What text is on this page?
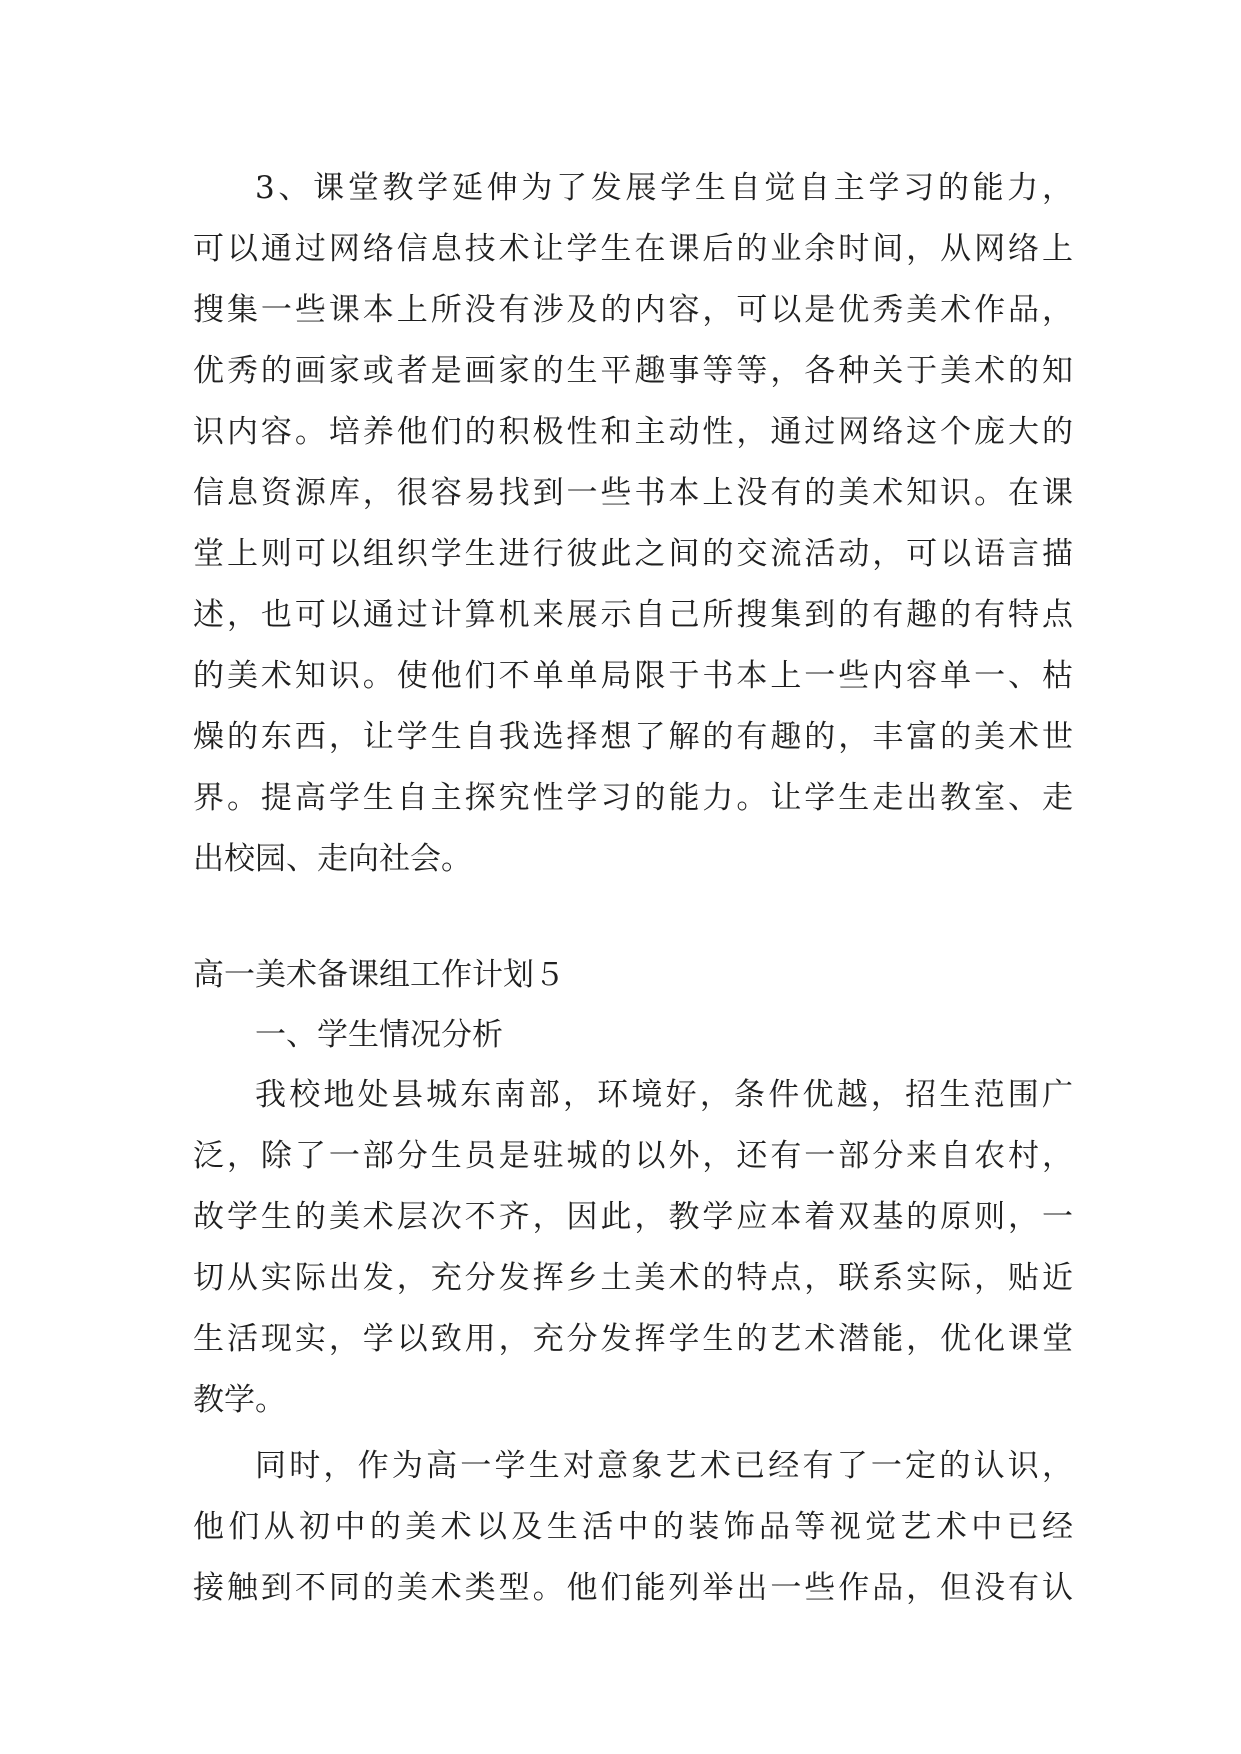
3、课堂教学延伸为了发展学生自觉自主学习的能力，
可以通过网络信息技术让学生在课后的业余时间，从网络上
搜集一些课本上所没有涉及的内容，可以是优秀美术作品，
优秀的画家或者是画家的生平趣事等等，各种关于美术的知
识内容。培养他们的积极性和主动性，通过网络这个庞大的
信息资源库，很容易找到一些书本上没有的美术知识。在课
堂上则可以组织学生进行彼此之间的交流活动，可以语言描
述，也可以通过计算机来展示自己所搜集到的有趣的有特点
的美术知识。使他们不单单局限于书本上一些内容单一、枯
燥的东西，让学生自我选择想了解的有趣的，丰富的美术世
界。提高学生自主探究性学习的能力。让学生走出教室、走
出校园、走向社会。
高一美术备课组工作计划５
一、学生情况分析
我校地处县城东南部，环境好，条件优越，招生范围广
泛，除了一部分生员是驻城的以外，还有一部分来自农村，
故学生的美术层次不齐，因此，教学应本着双基的原则，一
切从实际出发，充分发挥乡土美术的特点，联系实际，贴近
生活现实，学以致用，充分发挥学生的艺术潜能，优化课堂
教学。
同时，作为高一学生对意象艺术已经有了一定的认识，
他们从初中的美术以及生活中的装饰品等视觉艺术中已经
接触到不同的美术类型。他们能列举出一些作品，但没有认
